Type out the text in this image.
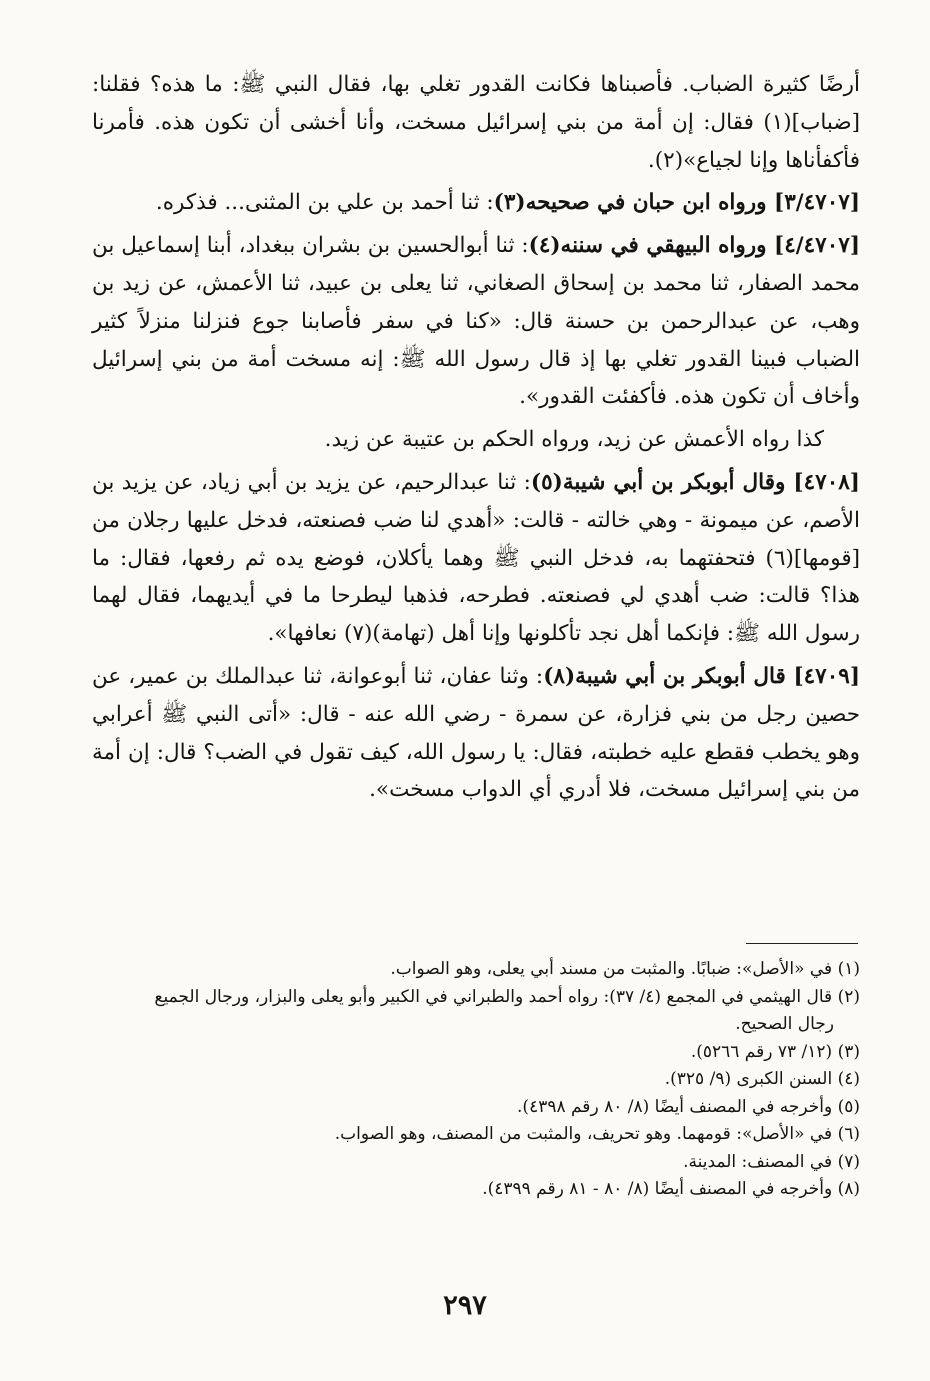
أرضًا كثيرة الضباب. فأصبناها فكانت القدور تغلي بها، فقال النبي ﷺ: ما هذه؟ فقلنا: [ضباب](١) فقال: إن أمة من بني إسرائيل مسخت، وأنا أخشى أن تكون هذه. فأمرنا فأكفأناها وإنا لجياع»(٢).

[٣/٤٧٠٧] ورواه ابن حبان في صحيحه(٣): ثنا أحمد بن علي بن المثنى... فذكره.

[٤/٤٧٠٧] ورواه البيهقي في سننه(٤): ثنا أبوالحسين بن بشران ببغداد، أبنا إسماعيل بن محمد الصفار، ثنا محمد بن إسحاق الصغاني، ثنا يعلى بن عبيد، ثنا الأعمش، عن زيد بن وهب، عن عبدالرحمن بن حسنة قال: «كنا في سفر فأصابنا جوع فنزلنا منزلاً كثير الضباب فبينا القدور تغلي بها إذ قال رسول الله ﷺ: إنه مسخت أمة من بني إسرائيل وأخاف أن تكون هذه. فأكفئت القدور».

كذا رواه الأعمش عن زيد، ورواه الحكم بن عتيبة عن زيد.

[٤٧٠٨] وقال أبوبكر بن أبي شيبة(٥): ثنا عبدالرحيم، عن يزيد بن أبي زياد، عن يزيد بن الأصم، عن ميمونة - وهي خالته - قالت: «أهدي لنا ضب فصنعته، فدخل عليها رجلان من [قومها](٦) فتحفتهما به، فدخل النبي ﷺ وهما يأكلان، فوضع يده ثم رفعها، فقال: ما هذا؟ قالت: ضب أهدي لي فصنعته. فطرحه، فذهبا ليطرحا ما في أيديهما، فقال لهما رسول الله ﷺ: فإنكما أهل نجد تأكلونها وإنا أهل (تهامة)(٧) نعافها».

[٤٧٠٩] قال أبوبكر بن أبي شيبة(٨): وثنا عفان، ثنا أبوعوانة، ثنا عبدالملك بن عمير، عن حصين رجل من بني فزارة، عن سمرة - رضي الله عنه - قال: «أتى النبي ﷺ أعرابي وهو يخطب فقطع عليه خطبته، فقال: يا رسول الله، كيف تقول في الضب؟ قال: إن أمة من بني إسرائيل مسخت، فلا أدري أي الدواب مسخت».

(١) في «الأصل»: ضبابًا. والمثبت من مسند أبي يعلى، وهو الصواب.

(٢) قال الهيثمي في المجمع (٤/ ٣٧): رواه أحمد والطبراني في الكبير وأبو يعلى والبزار، ورجال الجميع

رجال الصحيح.

(٣) (١٢/ ٧٣ رقم ٥٢٦٦).

(٤) السنن الكبرى (٩/ ٣٢٥).

(٥) وأخرجه في المصنف أيضًا (٨/ ٨٠ رقم ٤٣٩٨).

(٦) في «الأصل»: قومهما. وهو تحريف، والمثبت من المصنف، وهو الصواب.

(٧) في المصنف: المدينة.

(٨) وأخرجه في المصنف أيضًا (٨/ ٨٠ - ٨١ رقم ٤٣٩٩).

٢٩٧
